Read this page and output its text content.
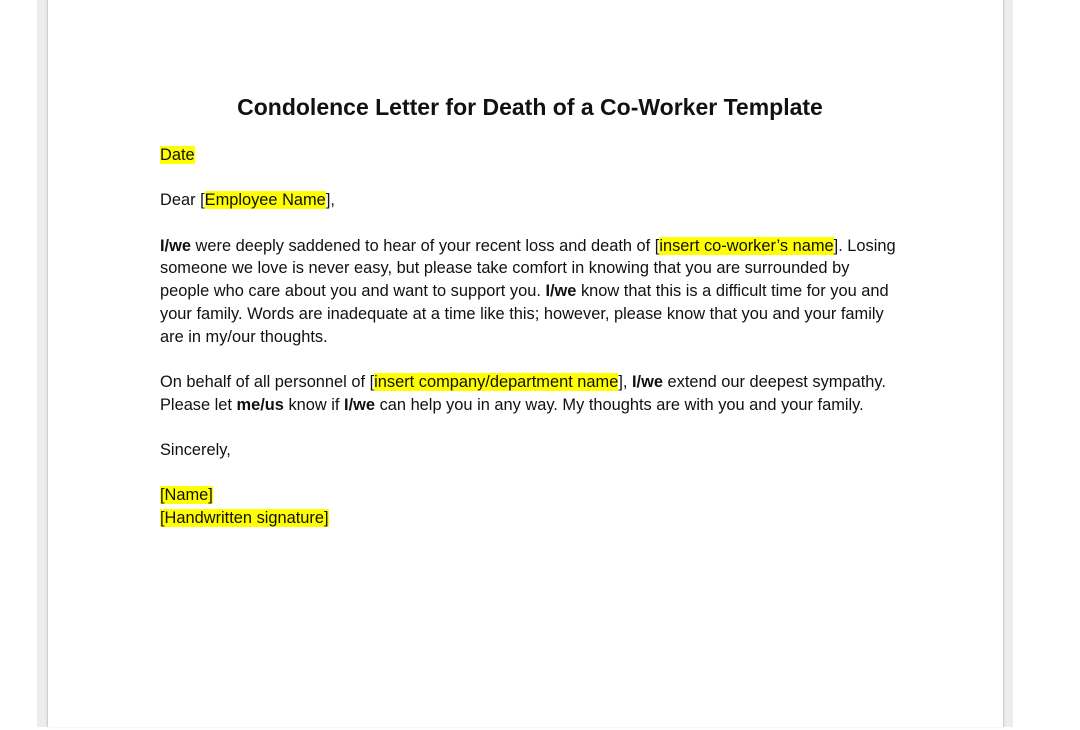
Condolence Letter for Death of a Co-Worker Template

Date

Dear [Employee Name],

I/we were deeply saddened to hear of your recent loss and death of [insert co-worker’s name]. Losing someone we love is never easy, but please take comfort in knowing that you are surrounded by people who care about you and want to support you. I/we know that this is a difficult time for you and your family. Words are inadequate at a time like this; however, please know that you and your family are in my/our thoughts.

On behalf of all personnel of [insert company/department name], I/we extend our deepest sympathy. Please let me/us know if I/we can help you in any way. My thoughts are with you and your family.

Sincerely,

[Name]
[Handwritten signature]
